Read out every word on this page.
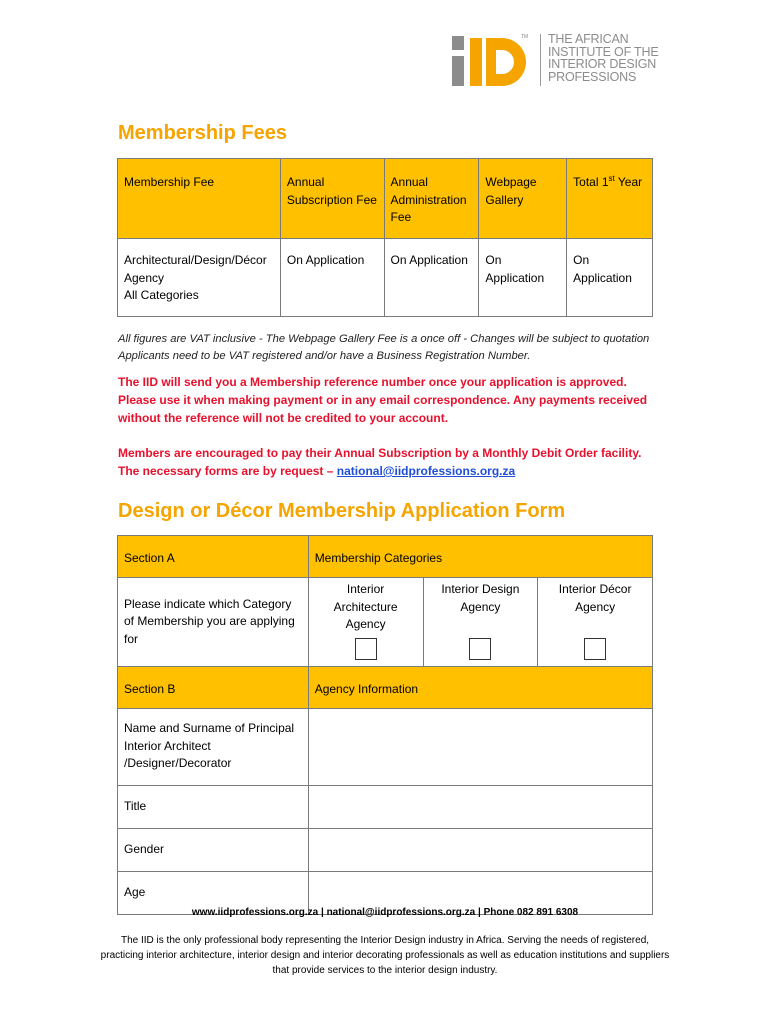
TM THE AFRICAN
INSTITUTE OF THE
INTERIOR DESIGN
PROFESSIONS
Membership Fees
Membership Fee	Annual Subscription Fee	Annual Administration Fee	Webpage Gallery	Total 1st Year

Architectural/Design/Décor
Agency
All Categories	On Application	On Application	On Application	On Application
All figures are VAT inclusive - The Webpage Gallery Fee is a once off - Changes will be subject to quotation
Applicants need to be VAT registered and/or have a Business Registration Number.
The IID will send you a Membership reference number once your application is approved. Please use it when making payment or in any email correspondence. Any payments received without the reference will not be credited to your account.
Members are encouraged to pay their Annual Subscription by a Monthly Debit Order facility. The necessary forms are by request – national@iidprofessions.org.za
Design or Décor Membership Application Form
Section A	Membership Categories		
Please indicate which Category of Membership you are applying for	Interior Architecture Agency	Interior Design Agency	Interior Décor Agency

Section B	Agency Information		
Name and Surname of Principal Interior Architect /Designer/Decorator			
Title			
Gender			
Age			
www.iidprofessions.org.za | national@iidprofessions.org.za | Phone 082 891 6308
The IID is the only professional body representing the Interior Design industry in Africa. Serving the needs of registered, practicing interior architecture, interior design and interior decorating professionals as well as education institutions and suppliers that provide services to the interior design industry.
